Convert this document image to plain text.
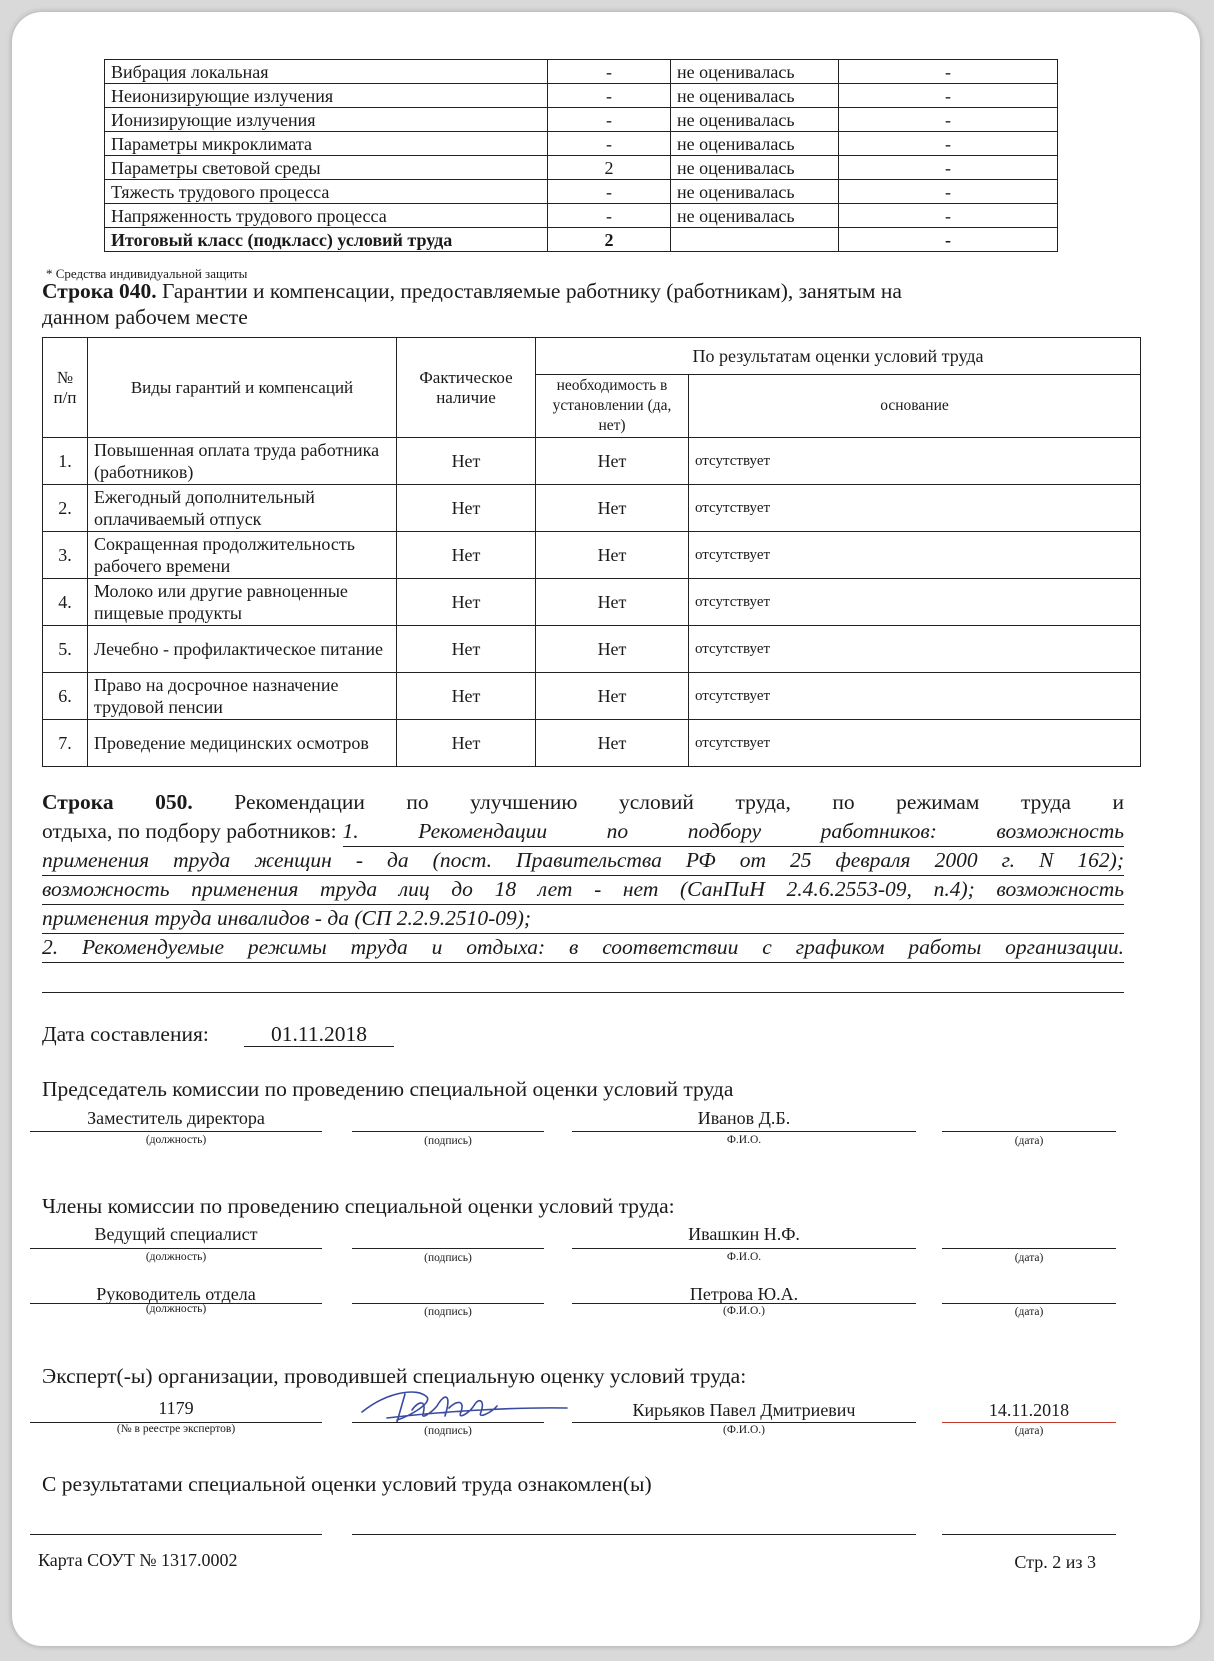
Вибрация локальная	-	не оценивалась	-
Неионизирующие излучения	-	не оценивалась	-
Ионизирующие излучения	-	не оценивалась	-
Параметры микроклимата	-	не оценивалась	-
Параметры световой среды	2	не оценивалась	-
Тяжесть трудового процесса	-	не оценивалась	-
Напряженность трудового процесса	-	не оценивалась	-
Итоговый класс (подкласс) условий труда	2		-
* Средства индивидуальной защиты
Строка 040. Гарантии и компенсации, предоставляемые работнику (работникам), занятым на
данном рабочем месте
№ п/п	Виды гарантий и компенсаций	Фактическое наличие	По результатам оценки условий труда	
			необходимость в установлении (да, нет)	основание
1.	Повышенная оплата труда работника (работников)	Нет	Нет	отсутствует
2.	Ежегодный дополнительный оплачиваемый отпуск	Нет	Нет	отсутствует
3.	Сокращенная продолжительность рабочего времени	Нет	Нет	отсутствует
4.	Молоко или другие равноценные пищевые продукты	Нет	Нет	отсутствует
5.	Лечебно - профилактическое питание	Нет	Нет	отсутствует
6.	Право на досрочное назначение трудовой пенсии	Нет	Нет	отсутствует
7.	Проведение медицинских осмотров	Нет	Нет	отсутствует
Строка 050. Рекомендации по улучшению условий труда, по режимам труда и
отдыха, по подбору работников: 1. Рекомендации по подбору работников: возможность
применения труда женщин - да (пост. Правительства РФ от 25 февраля 2000 г. N 162);
возможность применения труда лиц до 18 лет - нет (СанПиН 2.4.6.2553-09, п.4); возможность
применения труда инвалидов - да (СП 2.2.9.2510-09);
2. Рекомендуемые режимы труда и отдыха: в соответствии с графиком работы организации.
Дата составления:	01.11.2018
Председатель комиссии по проведению специальной оценки условий труда
Заместитель директора	Иванов Д.Б.
(должность)	(подпись)	Ф.И.О.	(дата)
Члены комиссии по проведению специальной оценки условий труда:
Ведущий специалист	Ивашкин Н.Ф.
(должность)	(подпись)	Ф.И.О.	(дата)
Руководитель отдела	Петрова Ю.А.
(должность)	(подпись)	(Ф.И.О.)	(дата)
Эксперт(-ы) организации, проводившей специальную оценку условий труда:
1179	Кирьяков Павел Дмитриевич	14.11.2018
(№ в реестре экспертов)	(подпись)	(Ф.И.О.)	(дата)
С результатами специальной оценки условий труда ознакомлен(ы)
Карта СОУТ № 1317.0002	Стр. 2 из 3
